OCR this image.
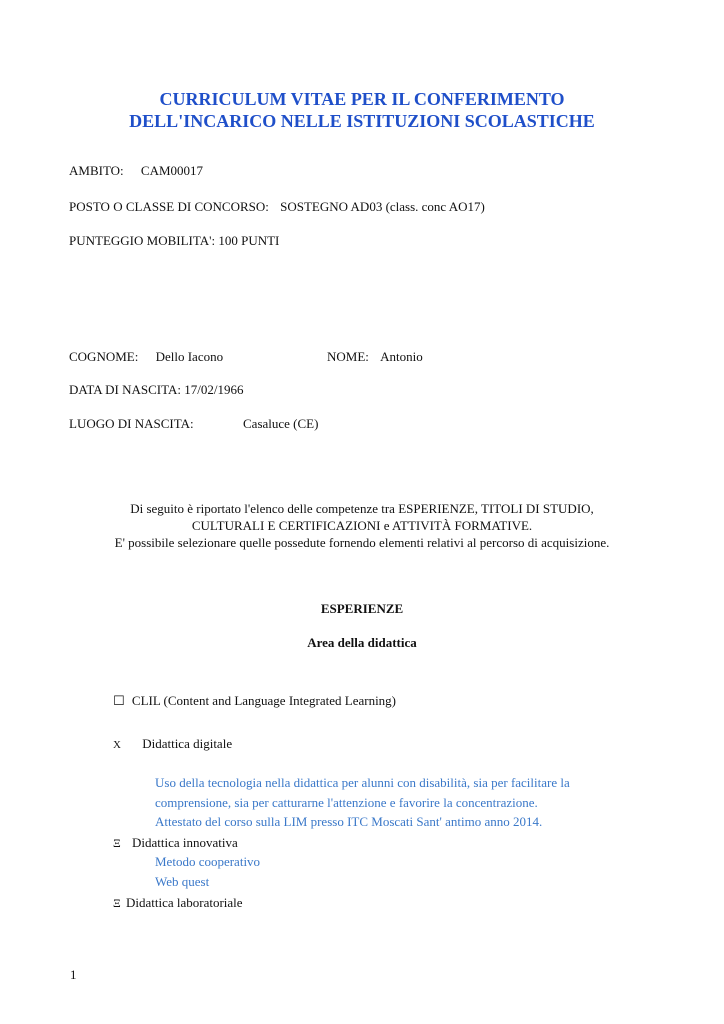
CURRICULUM VITAE PER IL CONFERIMENTO
DELL'INCARICO NELLE ISTITUZIONI SCOLASTICHE
AMBITO: CAM00017
POSTO O CLASSE DI CONCORSO: SOSTEGNO AD03 (class. conc AO17)
PUNTEGGIO MOBILITA': 100 PUNTI
COGNOME: Dello Iacono	NOME: Antonio
DATA DI NASCITA: 17/02/1966
LUOGO DI NASCITA:	Casaluce (CE)
Di seguito è riportato l'elenco delle competenze tra ESPERIENZE, TITOLI DI STUDIO,
CULTURALI E CERTIFICAZIONI e ATTIVITÀ FORMATIVE.
E' possibile selezionare quelle possedute fornendo elementi relativi al percorso di acquisizione.
ESPERIENZE
Area della didattica
☐ CLIL (Content and Language Integrated Learning)
X Didattica digitale
Uso della tecnologia nella didattica per alunni con disabilità, sia per facilitare la
comprensione, sia per catturarne l'attenzione e favorire la concentrazione.
Attestato del corso sulla LIM presso ITC Moscati Sant' antimo anno 2014.
Ξ Didattica innovativa
Metodo cooperativo
Web quest
Ξ Didattica laboratoriale
1
